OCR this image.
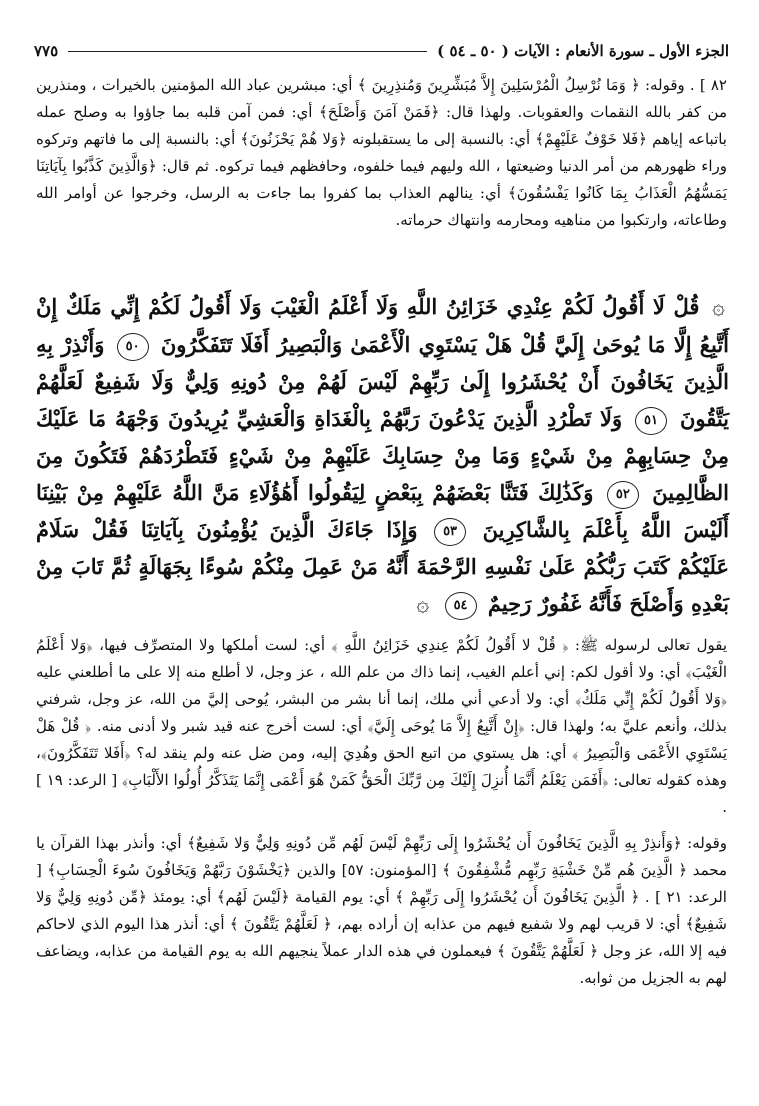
الجزء الأول ـ سورة الأنعام : الآيات ( ٥٠ ـ ٥٤ )
٧٧٥

٨٢ ] . وقوله: ﴿ وَمَا نُرْسِلُ الْمُرْسَلِينَ إِلاَّ مُبَشِّرِينَ وَمُنذِرِينَ ﴾ أي: مبشرين عباد الله المؤمنين بالخيرات ، ومنذرين من كفر بالله النقمات والعقوبات. ولهذا قال: ﴿فَمَنْ آمَنَ وَأَصْلَحَ﴾ أي: فمن آمن قلبه بما جاؤوا به وصلح عمله باتباعه إياهم ﴿فَلا خَوْفٌ عَلَيْهِمْ﴾ أي: بالنسبة إلى ما يستقبلونه ﴿وَلا هُمْ يَحْزَنُونَ﴾ أي: بالنسبة إلى ما فاتهم وتركوه وراء ظهورهم من أمر الدنيا وضيعتها ، الله وليهم فيما خلفوه، وحافظهم فيما تركوه. ثم قال: ﴿وَالَّذِينَ كَذَّبُوا بِآيَاتِنَا يَمَسُّهُمُ الْعَذَابُ بِمَا كَانُوا يَفْسُقُونَ﴾ أي: ينالهم العذاب بما كفروا بما جاءت به الرسل، وخرجوا عن أوامر الله وطاعاته، وارتكبوا من مناهيه ومحارمه وانتهاك حرماته.

۞ قُلْ لَا أَقُولُ لَكُمْ عِنْدِي خَزَائِنُ اللَّهِ وَلَا أَعْلَمُ الْغَيْبَ وَلَا أَقُولُ لَكُمْ إِنِّي مَلَكٌ إِنْ أَتَّبِعُ إِلَّا مَا يُوحَىٰ إِلَيَّ قُلْ هَلْ يَسْتَوِي الْأَعْمَىٰ وَالْبَصِيرُ أَفَلَا تَتَفَكَّرُونَ ٥٠ وَأَنْذِرْ بِهِ الَّذِينَ يَخَافُونَ أَنْ يُحْشَرُوا إِلَىٰ رَبِّهِمْ لَيْسَ لَهُمْ مِنْ دُونِهِ وَلِيٌّ وَلَا شَفِيعٌ لَعَلَّهُمْ يَتَّقُونَ ٥١ وَلَا تَطْرُدِ الَّذِينَ يَدْعُونَ رَبَّهُمْ بِالْغَدَاةِ وَالْعَشِيِّ يُرِيدُونَ وَجْهَهُ مَا عَلَيْكَ مِنْ حِسَابِهِمْ مِنْ شَيْءٍ وَمَا مِنْ حِسَابِكَ عَلَيْهِمْ مِنْ شَيْءٍ فَتَطْرُدَهُمْ فَتَكُونَ مِنَ الظَّالِمِينَ ٥٢ وَكَذَٰلِكَ فَتَنَّا بَعْضَهُمْ بِبَعْضٍ لِيَقُولُوا أَهَٰؤُلَاءِ مَنَّ اللَّهُ عَلَيْهِمْ مِنْ بَيْنِنَا أَلَيْسَ اللَّهُ بِأَعْلَمَ بِالشَّاكِرِينَ ٥٣ وَإِذَا جَاءَكَ الَّذِينَ يُؤْمِنُونَ بِآيَاتِنَا فَقُلْ سَلَامٌ عَلَيْكُمْ كَتَبَ رَبُّكُمْ عَلَىٰ نَفْسِهِ الرَّحْمَةَ أَنَّهُ مَنْ عَمِلَ مِنْكُمْ سُوءًا بِجَهَالَةٍ ثُمَّ تَابَ مِنْ بَعْدِهِ وَأَصْلَحَ فَأَنَّهُ غَفُورٌ رَحِيمٌ ٥٤ ۞

يقول تعالى لرسوله ﷺ: ﴿ قُلْ لا أَقُولُ لَكُمْ عِندِي خَزَائِنُ اللَّهِ ﴾ أي: لست أملكها ولا المتصرِّف فيها، ﴿وَلا أَعْلَمُ الْغَيْبَ﴾ أي: ولا أقول لكم: إني أعلم الغيب، إنما ذاك من علم الله ، عز وجل، لا أطلع منه إلا على ما أطلعني عليه ﴿وَلا أَقُولُ لَكُمْ إِنِّي مَلَكٌ﴾ أي: ولا أدعي أني ملك، إنما أنا بشر من البشر، يُوحى إليَّ من الله، عز وجل، شرفني بذلك، وأنعم عليَّ به؛ ولهذا قال: ﴿إِنْ أَتَّبِعُ إِلاَّ مَا يُوحَى إِلَيَّ﴾ أي: لست أخرج عنه قيد شبر ولا أدنى منه. ﴿ قُلْ هَلْ يَسْتَوِي الأَعْمَى وَالْبَصِيرُ ﴾ أي: هل يستوي من اتبع الحق وهُدِيَ إليه، ومن ضل عنه ولم ينقد له؟ ﴿أَفَلا تَتَفَكَّرُونَ﴾، وهذه كقوله تعالى: ﴿أَفَمَن يَعْلَمُ أَنَّمَا أُنزِلَ إِلَيْكَ مِن رَّبِّكَ الْحَقُّ كَمَنْ هُوَ أَعْمَى إِنَّمَا يَتَذَكَّرُ أُولُوا الأَلْبَابِ﴾ [ الرعد: ١٩ ] .

وقوله: ﴿وَأَنذِرْ بِهِ الَّذِينَ يَخَافُونَ أَن يُحْشَرُوا إِلَى رَبِّهِمْ لَيْسَ لَهُم مِّن دُونِهِ وَلِيٌّ وَلا شَفِيعٌ﴾ أي: وأنذر بهذا القرآن يا محمد ﴿ الَّذِينَ هُم مِّنْ خَشْيَةِ رَبِّهِم مُّشْفِقُونَ ﴾ [المؤمنون: ٥٧] والذين ﴿يَخْشَوْنَ رَبَّهُمْ وَيَخَافُونَ سُوءَ الْحِسَابِ﴾ [ الرعد: ٢١ ] . ﴿ الَّذِينَ يَخَافُونَ أَن يُحْشَرُوا إِلَى رَبِّهِمْ ﴾ أي: يوم القيامة ﴿لَيْسَ لَهُم﴾ أي: يومئذ ﴿مِّن دُونِهِ وَلِيٌّ وَلا شَفِيعٌ﴾ أي: لا قريب لهم ولا شفيع فيهم من عذابه إن أراده بهم، ﴿ لَعَلَّهُمْ يَتَّقُونَ ﴾ أي: أنذر هذا اليوم الذي لاحاكم فيه إلا الله، عز وجل ﴿ لَعَلَّهُمْ يَتَّقُونَ ﴾ فيعملون في هذه الدار عملاً ينجيهم الله به يوم القيامة من عذابه، ويضاعف لهم به الجزيل من ثوابه.
